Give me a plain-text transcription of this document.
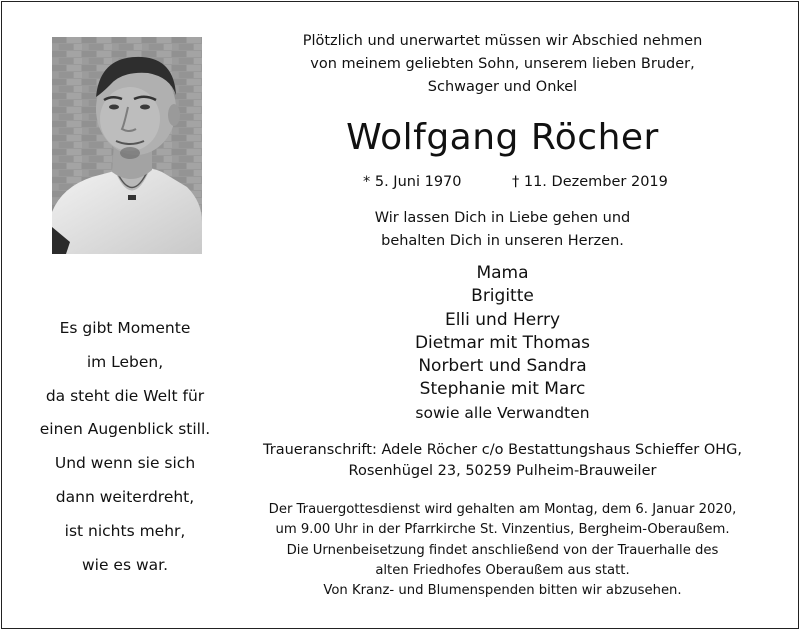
Es gibt Momente
im Leben,
da steht die Welt für
einen Augenblick still.
Und wenn sie sich
dann weiterdreht,
ist nichts mehr,
wie es war.
Plötzlich und unerwartet müssen wir Abschied nehmen
von meinem geliebten Sohn, unserem lieben Bruder,
Schwager und Onkel
Wolfgang Röcher
* 5. Juni 1970	† 11. Dezember 2019
Wir lassen Dich in Liebe gehen und
behalten Dich in unseren Herzen.
Mama
Brigitte
Elli und Herry
Dietmar mit Thomas
Norbert und Sandra
Stephanie mit Marc
sowie alle Verwandten
Traueranschrift: Adele Röcher c/o Bestattungshaus Schieffer OHG,
Rosenhügel 23, 50259 Pulheim-Brauweiler
Der Trauergottesdienst wird gehalten am Montag, dem 6. Januar 2020,
um 9.00 Uhr in der Pfarrkirche St. Vinzentius, Bergheim-Oberaußem.
Die Urnenbeisetzung findet anschließend von der Trauerhalle des
alten Friedhofes Oberaußem aus statt.
Von Kranz- und Blumenspenden bitten wir abzusehen.
